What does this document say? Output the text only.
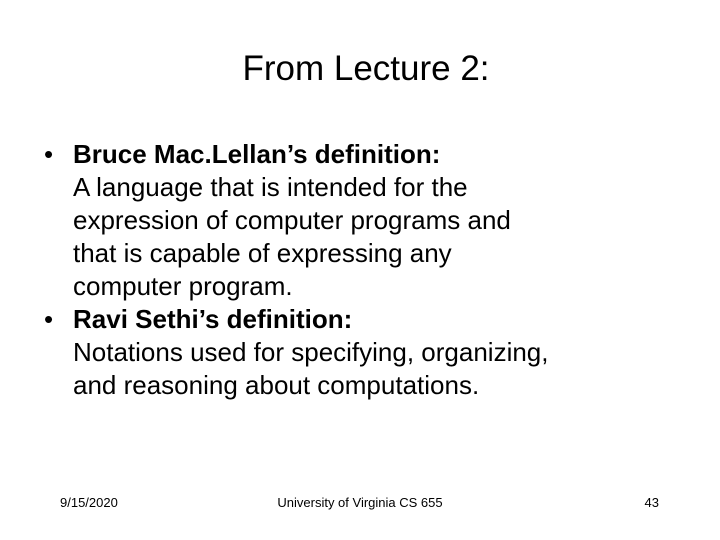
From Lecture 2:
• Bruce Mac.Lellan’s definition:
A language that is intended for the
expression of computer programs and
that is capable of expressing any
computer program.
• Ravi Sethi’s definition:
Notations used for specifying, organizing,
and reasoning about computations.
9/15/2020	University of Virginia CS 655	43
